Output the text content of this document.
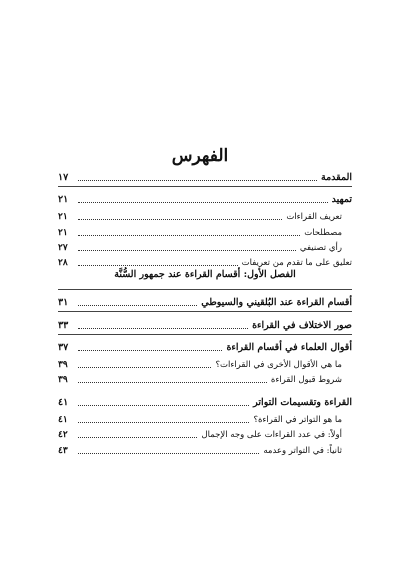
الفهرس
١٧	المقدمة
٢١	تمهيد
٢١	تعريف القراءات
٢١	مصطلحات
٢٧	رأي تصنيفي
٢٨	تعليق على ما تقدم من تعريفات
الفصل الأول: أقسام القراءة عند جمهور السُّنَّة
٣١	أقسام القراءة عند البُلقيني والسيوطي
٣٣	صور الاختلاف في القراءة
٣٧	أقوال العلماء في أقسام القراءة
٣٩	ما هي الأقوال الأخرى في القراءات؟
٣٩	شروط قبول القراءة
٤١	القراءة وتقسيمات التواتر
٤١	ما هو التواتر في القراءة؟
٤٢	أولاً: في عدد القراءات على وجه الإجمال
٤٣	ثانياً: في التواتر وعدمه
